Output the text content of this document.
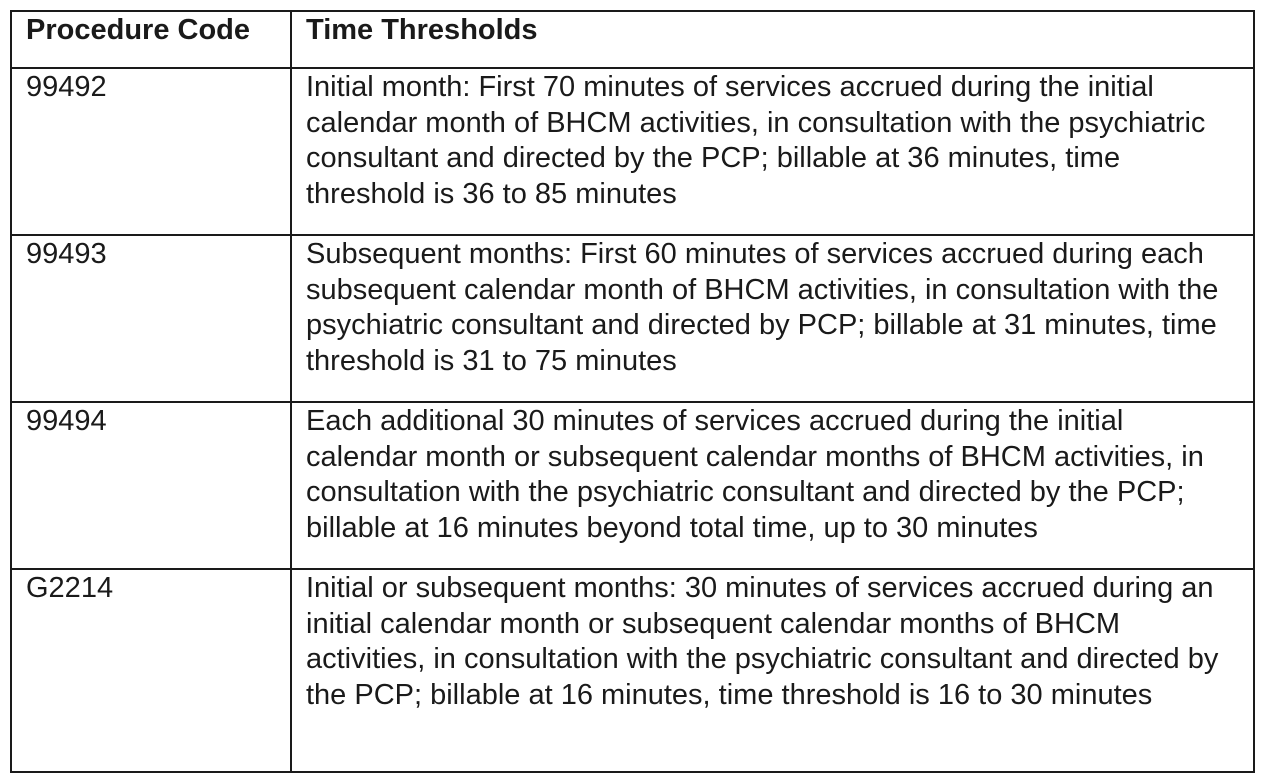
Procedure Code	Time Thresholds
99492	Initial month: First 70 minutes of services accrued during the initial calendar month of BHCM activities, in consultation with the psychiatric consultant and directed by the PCP; billable at 36 minutes, time threshold is 36 to 85 minutes
99493	Subsequent months: First 60 minutes of services accrued during each subsequent calendar month of BHCM activities, in consultation with the psychiatric consultant and directed by PCP; billable at 31 minutes, time threshold is 31 to 75 minutes
99494	Each additional 30 minutes of services accrued during the initial calendar month or subsequent calendar months of BHCM activities, in consultation with the psychiatric consultant and directed by the PCP; billable at 16 minutes beyond total time, up to 30 minutes
G2214	Initial or subsequent months: 30 minutes of services accrued during an initial calendar month or subsequent calendar months of BHCM activities, in consultation with the psychiatric consultant and directed by the PCP; billable at 16 minutes, time threshold is 16 to 30 minutes
